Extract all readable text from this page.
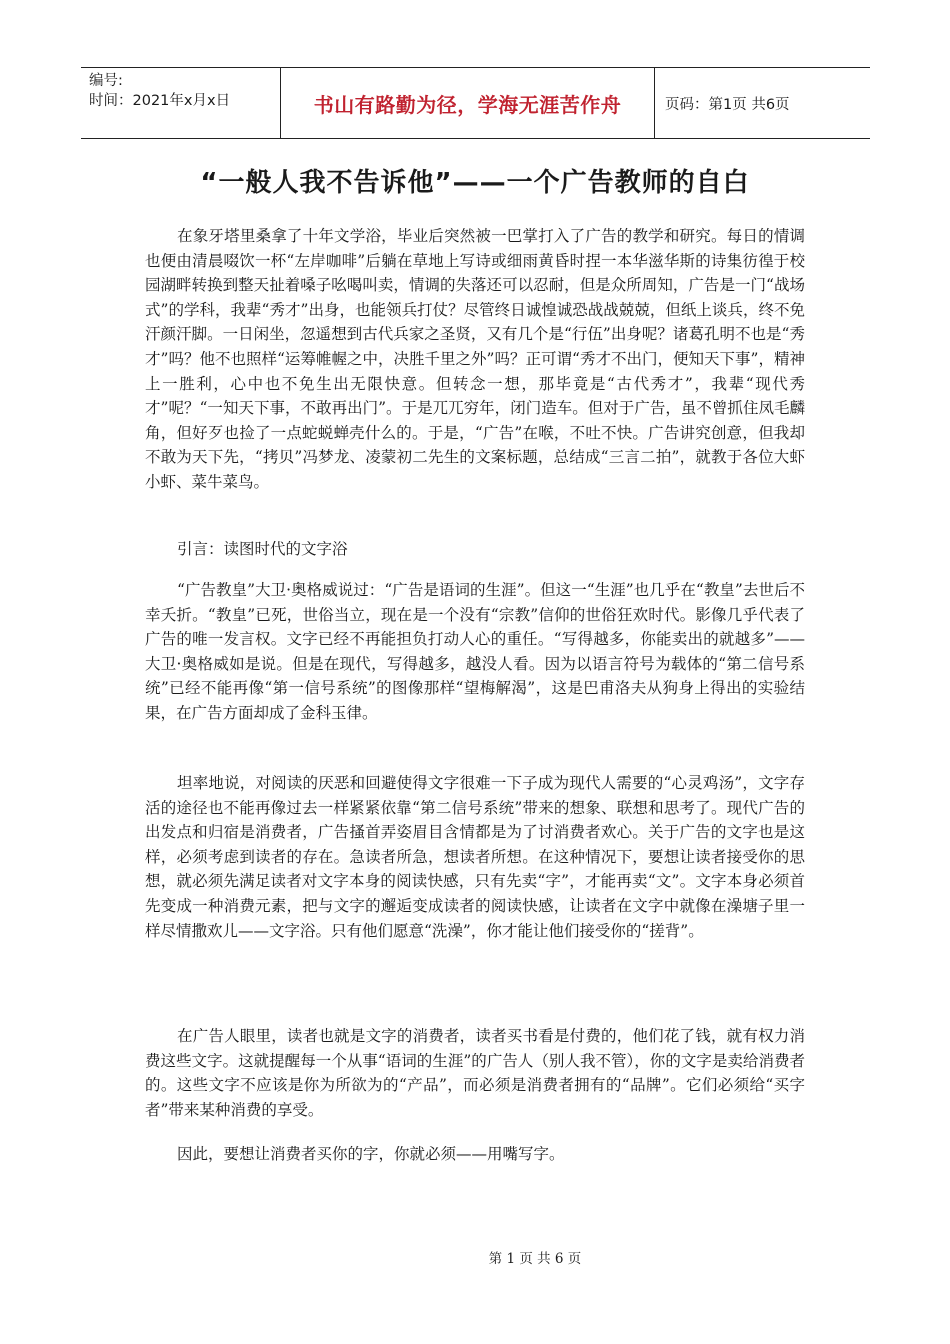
编号:
时间：2021年x月x日	书山有路勤为径，学海无涯苦作舟	页码：第1页 共6页
“一般人我不告诉他”——一个广告教师的自白

在象牙塔里桑拿了十年文学浴，毕业后突然被一巴掌打入了广告的教学和研究。每日的情调也便由清晨啜饮一杯“左岸咖啡”后躺在草地上写诗或细雨黄昏时捏一本华滋华斯的诗集彷徨于校园湖畔转换到整天扯着嗓子吆喝叫卖，情调的失落还可以忍耐，但是众所周知，广告是一门“战场式”的学科，我辈“秀才”出身，也能领兵打仗？尽管终日诚惶诚恐战战兢兢，但纸上谈兵，终不免汗颜汗脚。一日闲坐，忽遥想到古代兵家之圣贤，又有几个是“行伍”出身呢？诸葛孔明不也是“秀才”吗？他不也照样“运筹帷幄之中，决胜千里之外”吗？正可谓“秀才不出门，便知天下事”，精神上一胜利，心中也不免生出无限快意。但转念一想，那毕竟是“古代秀才”，我辈“现代秀才”呢？“一知天下事，不敢再出门”。于是兀兀穷年，闭门造车。但对于广告，虽不曾抓住凤毛麟角，但好歹也捡了一点蛇蜕蝉壳什么的。于是，“广告”在喉，不吐不快。广告讲究创意，但我却不敢为天下先，“拷贝”冯梦龙、凌蒙初二先生的文案标题，总结成“三言二拍”，就教于各位大虾小虾、菜牛菜鸟。

引言：读图时代的文字浴

“广告教皇”大卫·奥格威说过：“广告是语词的生涯”。但这一“生涯”也几乎在“教皇”去世后不幸夭折。“教皇”已死，世俗当立，现在是一个没有“宗教”信仰的世俗狂欢时代。影像几乎代表了广告的唯一发言权。文字已经不再能担负打动人心的重任。“写得越多，你能卖出的就越多”——大卫·奥格威如是说。但是在现代，写得越多，越没人看。因为以语言符号为载体的“第二信号系统”已经不能再像“第一信号系统”的图像那样“望梅解渴”，这是巴甫洛夫从狗身上得出的实验结果，在广告方面却成了金科玉律。

坦率地说，对阅读的厌恶和回避使得文字很难一下子成为现代人需要的“心灵鸡汤”，文字存活的途径也不能再像过去一样紧紧依靠“第二信号系统”带来的想象、联想和思考了。现代广告的出发点和归宿是消费者，广告搔首弄姿眉目含情都是为了讨消费者欢心。关于广告的文字也是这样，必须考虑到读者的存在。急读者所急，想读者所想。在这种情况下，要想让读者接受你的思想，就必须先满足读者对文字本身的阅读快感，只有先卖“字”，才能再卖“文”。文字本身必须首先变成一种消费元素，把与文字的邂逅变成读者的阅读快感，让读者在文字中就像在澡塘子里一样尽情撒欢儿——文字浴。只有他们愿意“洗澡”，你才能让他们接受你的“搓背”。

在广告人眼里，读者也就是文字的消费者，读者买书看是付费的，他们花了钱，就有权力消费这些文字。这就提醒每一个从事“语词的生涯”的广告人（别人我不管），你的文字是卖给消费者的。这些文字不应该是你为所欲为的“产品”，而必须是消费者拥有的“品牌”。它们必须给“买字者”带来某种消费的享受。

因此，要想让消费者买你的字，你就必须——用嘴写字。

第 1 页 共 6 页
